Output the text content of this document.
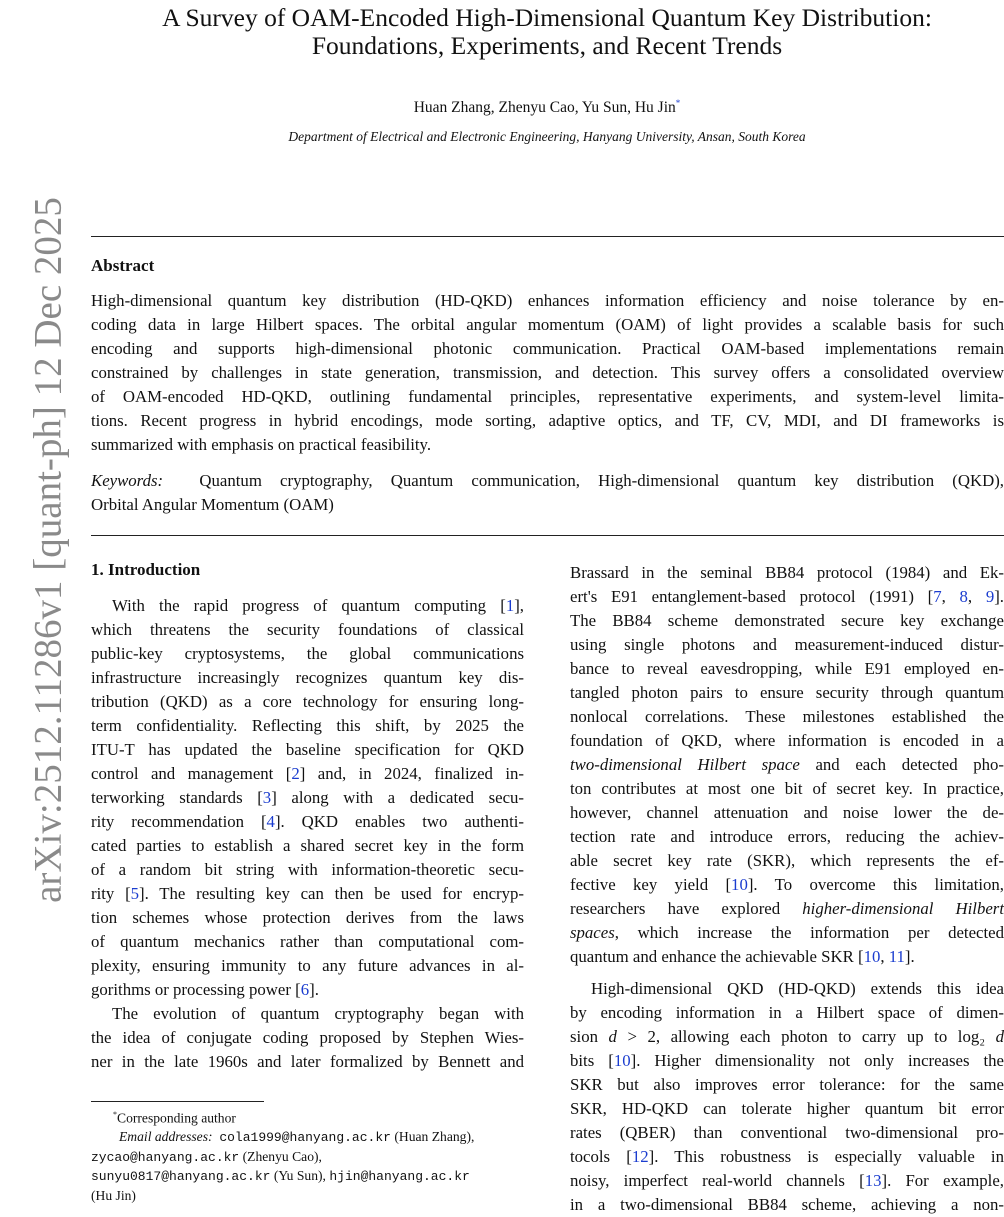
arXiv:2512.11286v1 [quant-ph] 12 Dec 2025
A Survey of OAM-Encoded High-Dimensional Quantum Key Distribution:
Foundations, Experiments, and Recent Trends
Huan Zhang, Zhenyu Cao, Yu Sun, Hu Jin*
Department of Electrical and Electronic Engineering, Hanyang University, Ansan, South Korea
Abstract
High-dimensional quantum key distribution (HD-QKD) enhances information efficiency and noise tolerance by en-
coding data in large Hilbert spaces. The orbital angular momentum (OAM) of light provides a scalable basis for such
encoding and supports high-dimensional photonic communication. Practical OAM-based implementations remain
constrained by challenges in state generation, transmission, and detection. This survey offers a consolidated overview
of OAM-encoded HD-QKD, outlining fundamental principles, representative experiments, and system-level limita-
tions. Recent progress in hybrid encodings, mode sorting, adaptive optics, and TF, CV, MDI, and DI frameworks is
summarized with emphasis on practical feasibility.
Keywords: Quantum cryptography, Quantum communication, High-dimensional quantum key distribution (QKD),
Orbital Angular Momentum (OAM)
1. Introduction
With the rapid progress of quantum computing [1],
which threatens the security foundations of classical
public-key cryptosystems, the global communications
infrastructure increasingly recognizes quantum key dis-
tribution (QKD) as a core technology for ensuring long-
term confidentiality. Reflecting this shift, by 2025 the
ITU-T has updated the baseline specification for QKD
control and management [2] and, in 2024, finalized in-
terworking standards [3] along with a dedicated secu-
rity recommendation [4]. QKD enables two authenti-
cated parties to establish a shared secret key in the form
of a random bit string with information-theoretic secu-
rity [5]. The resulting key can then be used for encryp-
tion schemes whose protection derives from the laws
of quantum mechanics rather than computational com-
plexity, ensuring immunity to any future advances in al-
gorithms or processing power [6].
The evolution of quantum cryptography began with
the idea of conjugate coding proposed by Stephen Wies-
ner in the late 1960s and later formalized by Bennett and
Brassard in the seminal BB84 protocol (1984) and Ek-
ert's E91 entanglement-based protocol (1991) [7, 8, 9].
The BB84 scheme demonstrated secure key exchange
using single photons and measurement-induced distur-
bance to reveal eavesdropping, while E91 employed en-
tangled photon pairs to ensure security through quantum
nonlocal correlations. These milestones established the
foundation of QKD, where information is encoded in a
two-dimensional Hilbert space and each detected pho-
ton contributes at most one bit of secret key. In practice,
however, channel attenuation and noise lower the de-
tection rate and introduce errors, reducing the achiev-
able secret key rate (SKR), which represents the ef-
fective key yield [10]. To overcome this limitation,
researchers have explored higher-dimensional Hilbert
spaces, which increase the information per detected
quantum and enhance the achievable SKR [10, 11].
High-dimensional QKD (HD-QKD) extends this idea
by encoding information in a Hilbert space of dimen-
sion d > 2, allowing each photon to carry up to log₂ d
bits [10]. Higher dimensionality not only increases the
SKR but also improves error tolerance: for the same
SKR, HD-QKD can tolerate higher quantum bit error
rates (QBER) than conventional two-dimensional pro-
tocols [12]. This robustness is especially valuable in
noisy, imperfect real-world channels [13]. For example,
in a two-dimensional BB84 scheme, achieving a non-
*Corresponding author
Email addresses: cola1999@hanyang.ac.kr (Huan Zhang),
zycao@hanyang.ac.kr (Zhenyu Cao),
sunyu0817@hanyang.ac.kr (Yu Sun), hjin@hanyang.ac.kr
(Hu Jin)
